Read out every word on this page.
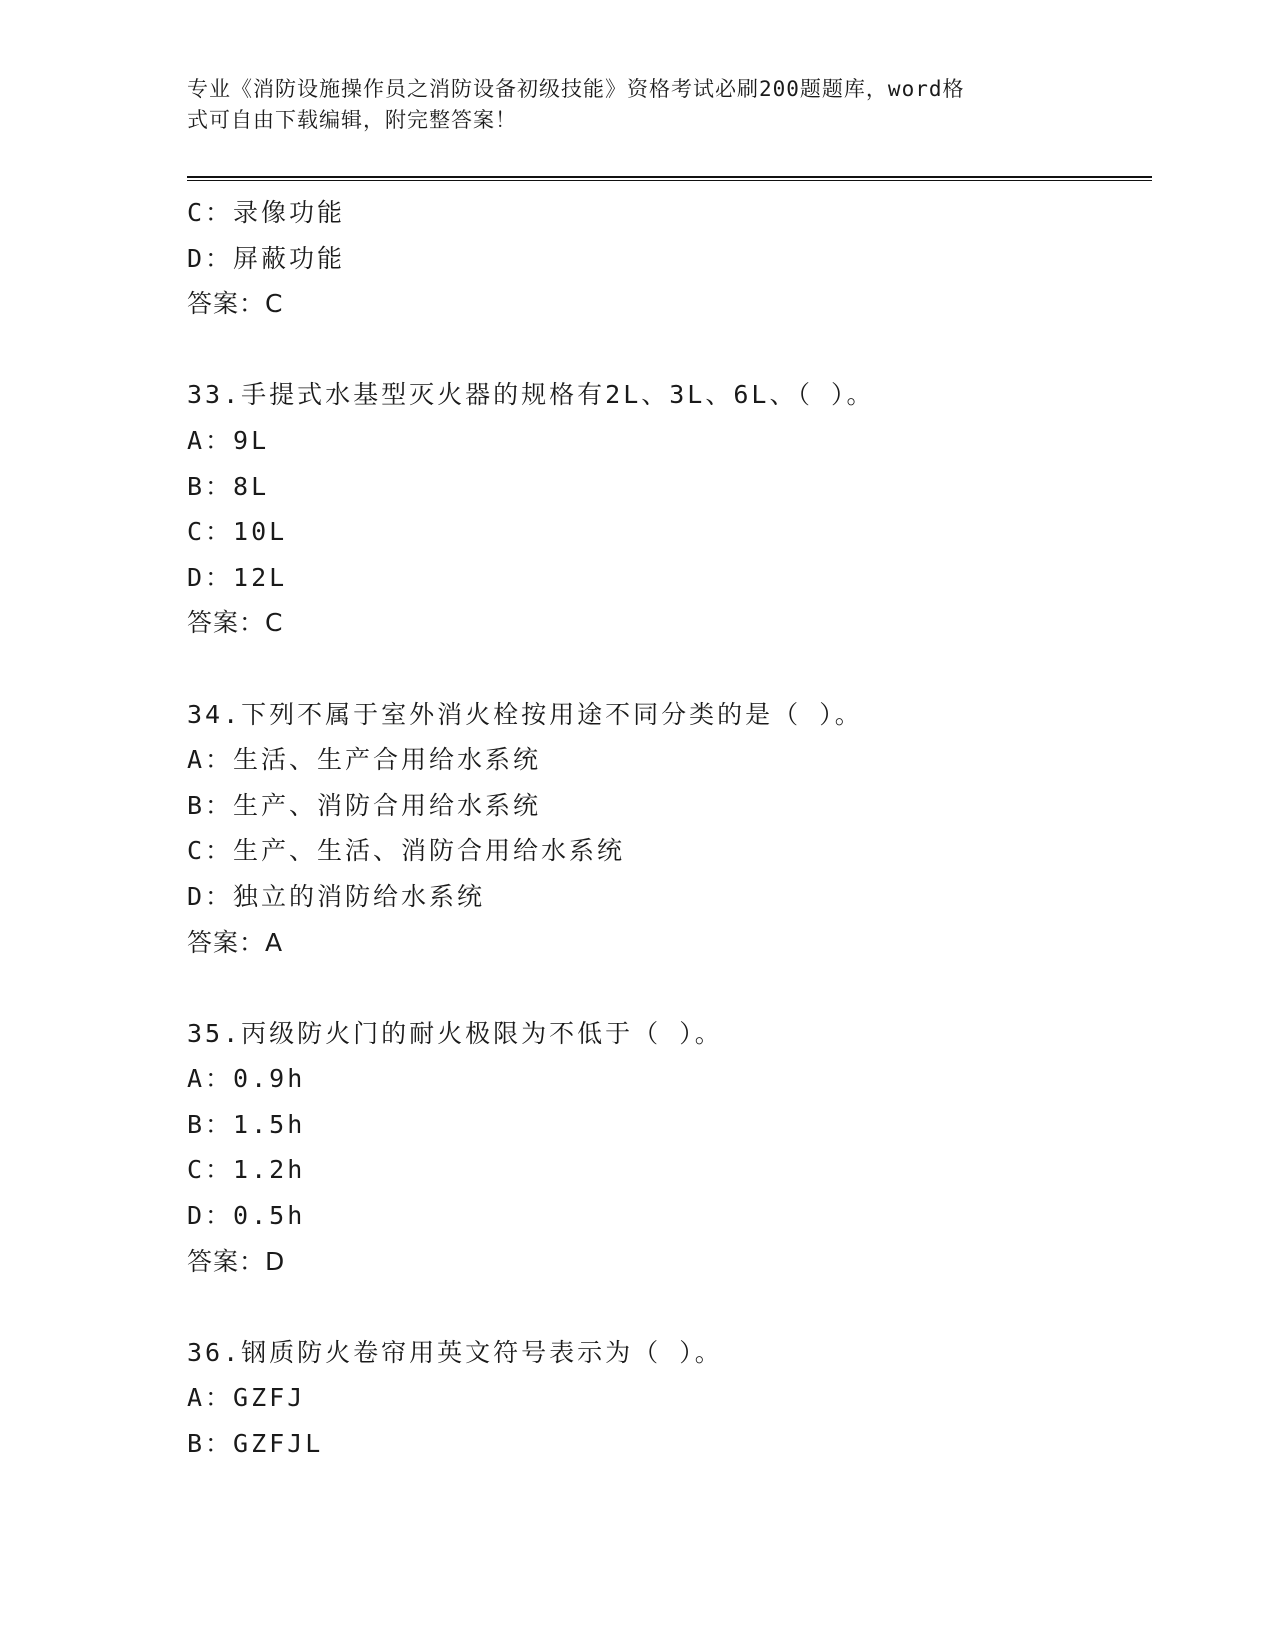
专业《消防设施操作员之消防设备初级技能》资格考试必刷200题题库，word格
式可自由下载编辑，附完整答案！
C：录像功能
D：屏蔽功能
答案：C
33.手提式水基型灭火器的规格有2L、3L、6L、（ ）。
A：9L
B：8L
C：10L
D：12L
答案：C
34.下列不属于室外消火栓按用途不同分类的是（ ）。
A：生活、生产合用给水系统
B：生产、消防合用给水系统
C：生产、生活、消防合用给水系统
D：独立的消防给水系统
答案：A
35.丙级防火门的耐火极限为不低于（ ）。
A：0.9h
B：1.5h
C：1.2h
D：0.5h
答案：D
36.钢质防火卷帘用英文符号表示为（ ）。
A：GZFJ
B：GZFJL
